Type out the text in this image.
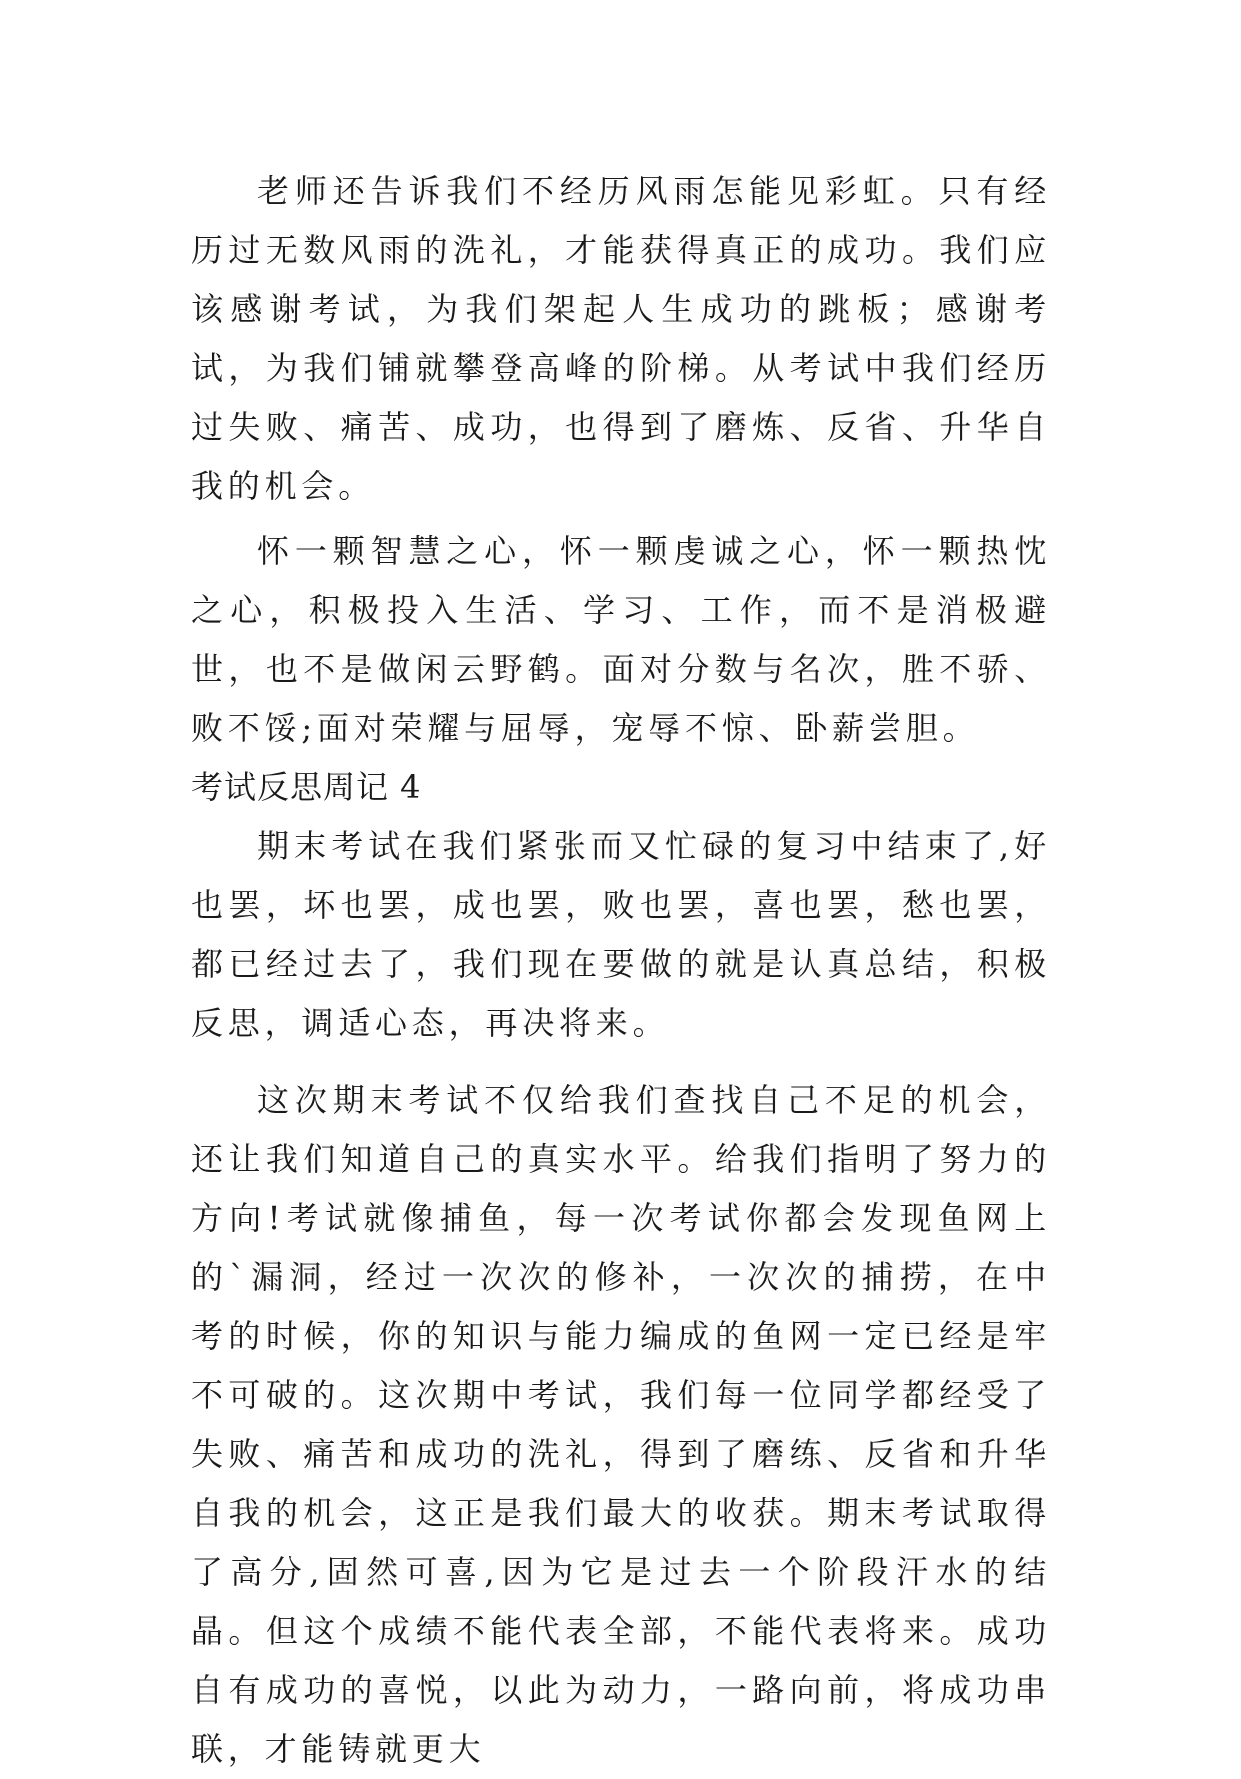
老师还告诉我们不经历风雨怎能见彩虹。只有经历过无数风雨的洗礼，才能获得真正的成功。我们应该感谢考试，为我们架起人生成功的跳板；感谢考试，为我们铺就攀登高峰的阶梯。从考试中我们经历过失败、痛苦、成功，也得到了磨炼、反省、升华自我的机会。

怀一颗智慧之心，怀一颗虔诚之心，怀一颗热忱之心，积极投入生活、学习、工作，而不是消极避世，也不是做闲云野鹤。面对分数与名次，胜不骄、败不馁;面对荣耀与屈辱，宠辱不惊、卧薪尝胆。

考试反思周记 4

期末考试在我们紧张而又忙碌的复习中结束了,好也罢，坏也罢，成也罢，败也罢，喜也罢，愁也罢，都已经过去了，我们现在要做的就是认真总结，积极反思，调适心态，再决将来。

这次期末考试不仅给我们查找自己不足的机会，还让我们知道自己的真实水平。给我们指明了努力的方向!考试就像捕鱼，每一次考试你都会发现鱼网上的`漏洞，经过一次次的修补，一次次的捕捞，在中考的时候，你的知识与能力编成的鱼网一定已经是牢不可破的。这次期中考试，我们每一位同学都经受了失败、痛苦和成功的洗礼，得到了磨练、反省和升华自我的机会，这正是我们最大的收获。期末考试取得了高分,固然可喜,因为它是过去一个阶段汗水的结晶。但这个成绩不能代表全部，不能代表将来。成功自有成功的喜悦，以此为动力，一路向前，将成功串联，才能铸就更大
